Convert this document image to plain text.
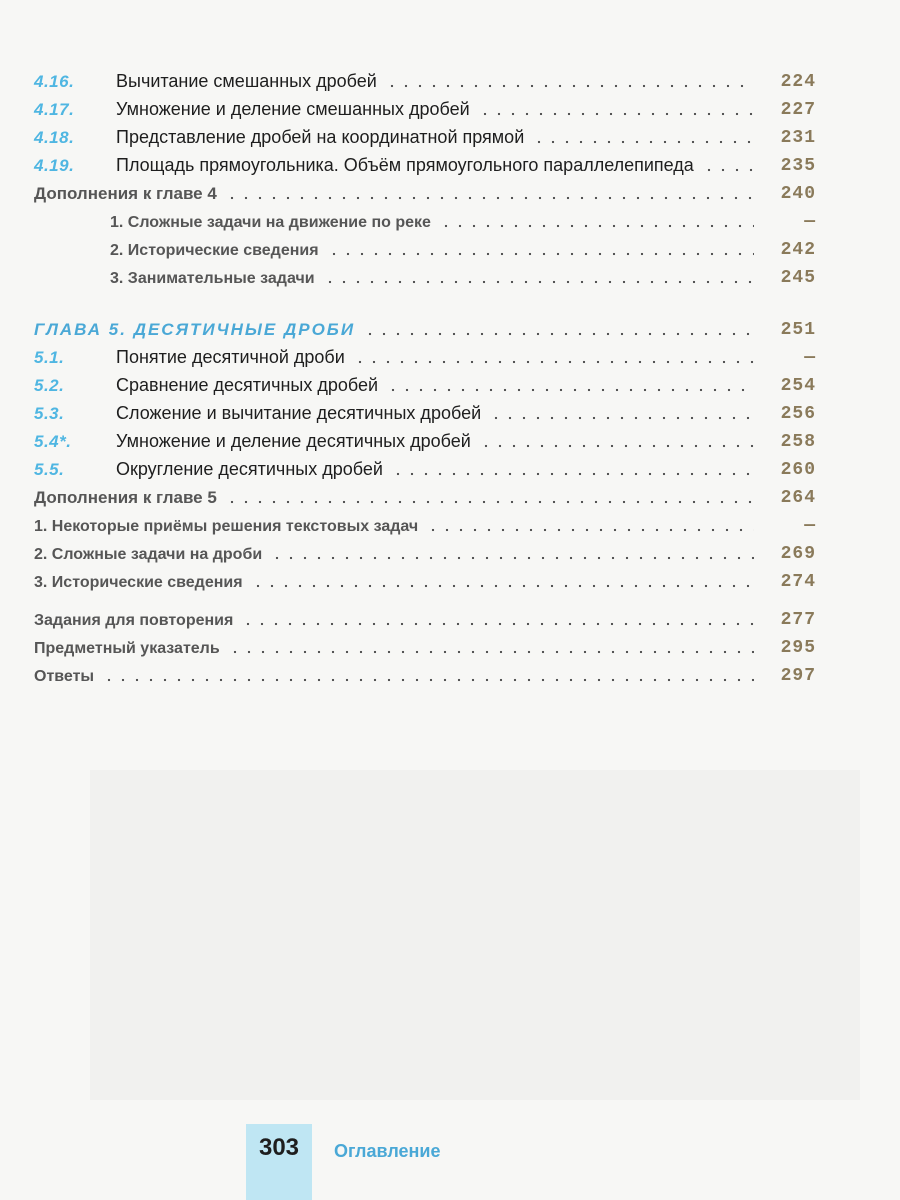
4.16. Вычитание смешанных дробей	224
4.17. Умножение и деление смешанных дробей	227
4.18. Представление дробей на координатной прямой	231
4.19. Площадь прямоугольника. Объём прямоугольного параллелепипеда	235
Дополнения к главе 4	240
1. Сложные задачи на движение по реке	—
2. Исторические сведения	242
3. Занимательные задачи	245
ГЛАВА 5. ДЕСЯТИЧНЫЕ ДРОБИ	251
5.1.	Понятие десятичной дроби	—
5.2.	Сравнение десятичных дробей	254
5.3.	Сложение и вычитание десятичных дробей	256
5.4*. Умножение и деление десятичных дробей	258
5.5.	Округление десятичных дробей	260
Дополнения к главе 5	264
1. Некоторые приёмы решения текстовых задач	—
2. Сложные задачи на дроби	269
3. Исторические сведения	274
Задания для повторения	277
Предметный указатель	295
Ответы	297
303	Оглавление
